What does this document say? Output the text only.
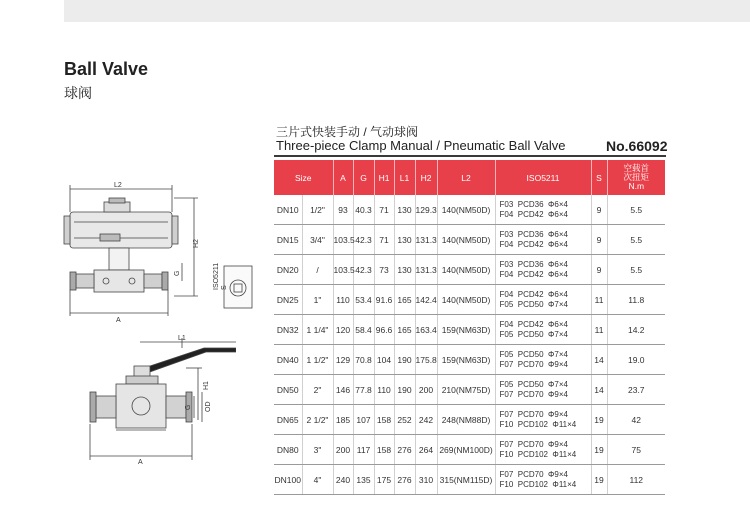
Ball Valve
球阀
三片式快装手动 / 气动球阀
Three-piece Clamp Manual / Pneumatic Ball Valve	No.66092
Size		A	G	H1	L1	H2	L2	ISO5211	S	空载首
次扭矩
N.m

DN10	1/2"	93	40.3	71	130	129.3	140(NM50D)	F03  PCD36  Φ6×4
F04  PCD42  Φ6×4	9	5.5
DN15	3/4"	103.5	42.3	71	130	131.3	140(NM50D)	F03  PCD36  Φ6×4
F04  PCD42  Φ6×4	9	5.5
DN20	/	103.5	42.3	73	130	131.3	140(NM50D)	F03  PCD36  Φ6×4
F04  PCD42  Φ6×4	9	5.5
DN25	1"	110	53.4	91.6	165	142.4	140(NM50D)	F04  PCD42  Φ6×4
F05  PCD50  Φ7×4	11	11.8
DN32	1 1/4"	120	58.4	96.6	165	163.4	159(NM63D)	F04  PCD42  Φ6×4
F05  PCD50  Φ7×4	11	14.2
DN40	1 1/2"	129	70.8	104	190	175.8	159(NM63D)	F05  PCD50  Φ7×4
F07  PCD70  Φ9×4	14	19.0
DN50	2"	146	77.8	110	190	200	210(NM75D)	F05  PCD50  Φ7×4
F07  PCD70  Φ9×4	14	23.7
DN65	2 1/2"	185	107	158	252	242	248(NM88D)	F07  PCD70  Φ9×4
F10  PCD102  Φ11×4	19	42
DN80	3"	200	117	158	276	264	269(NM100D)	F07  PCD70  Φ9×4
F10  PCD102  Φ11×4	19	75
DN100	4"	240	135	175	276	310	315(NM115D)	F07  PCD70  Φ9×4
F10  PCD102  Φ11×4	19	112
L2
H2
G
A
ISO5211 S
L1
H1
G OD
A
